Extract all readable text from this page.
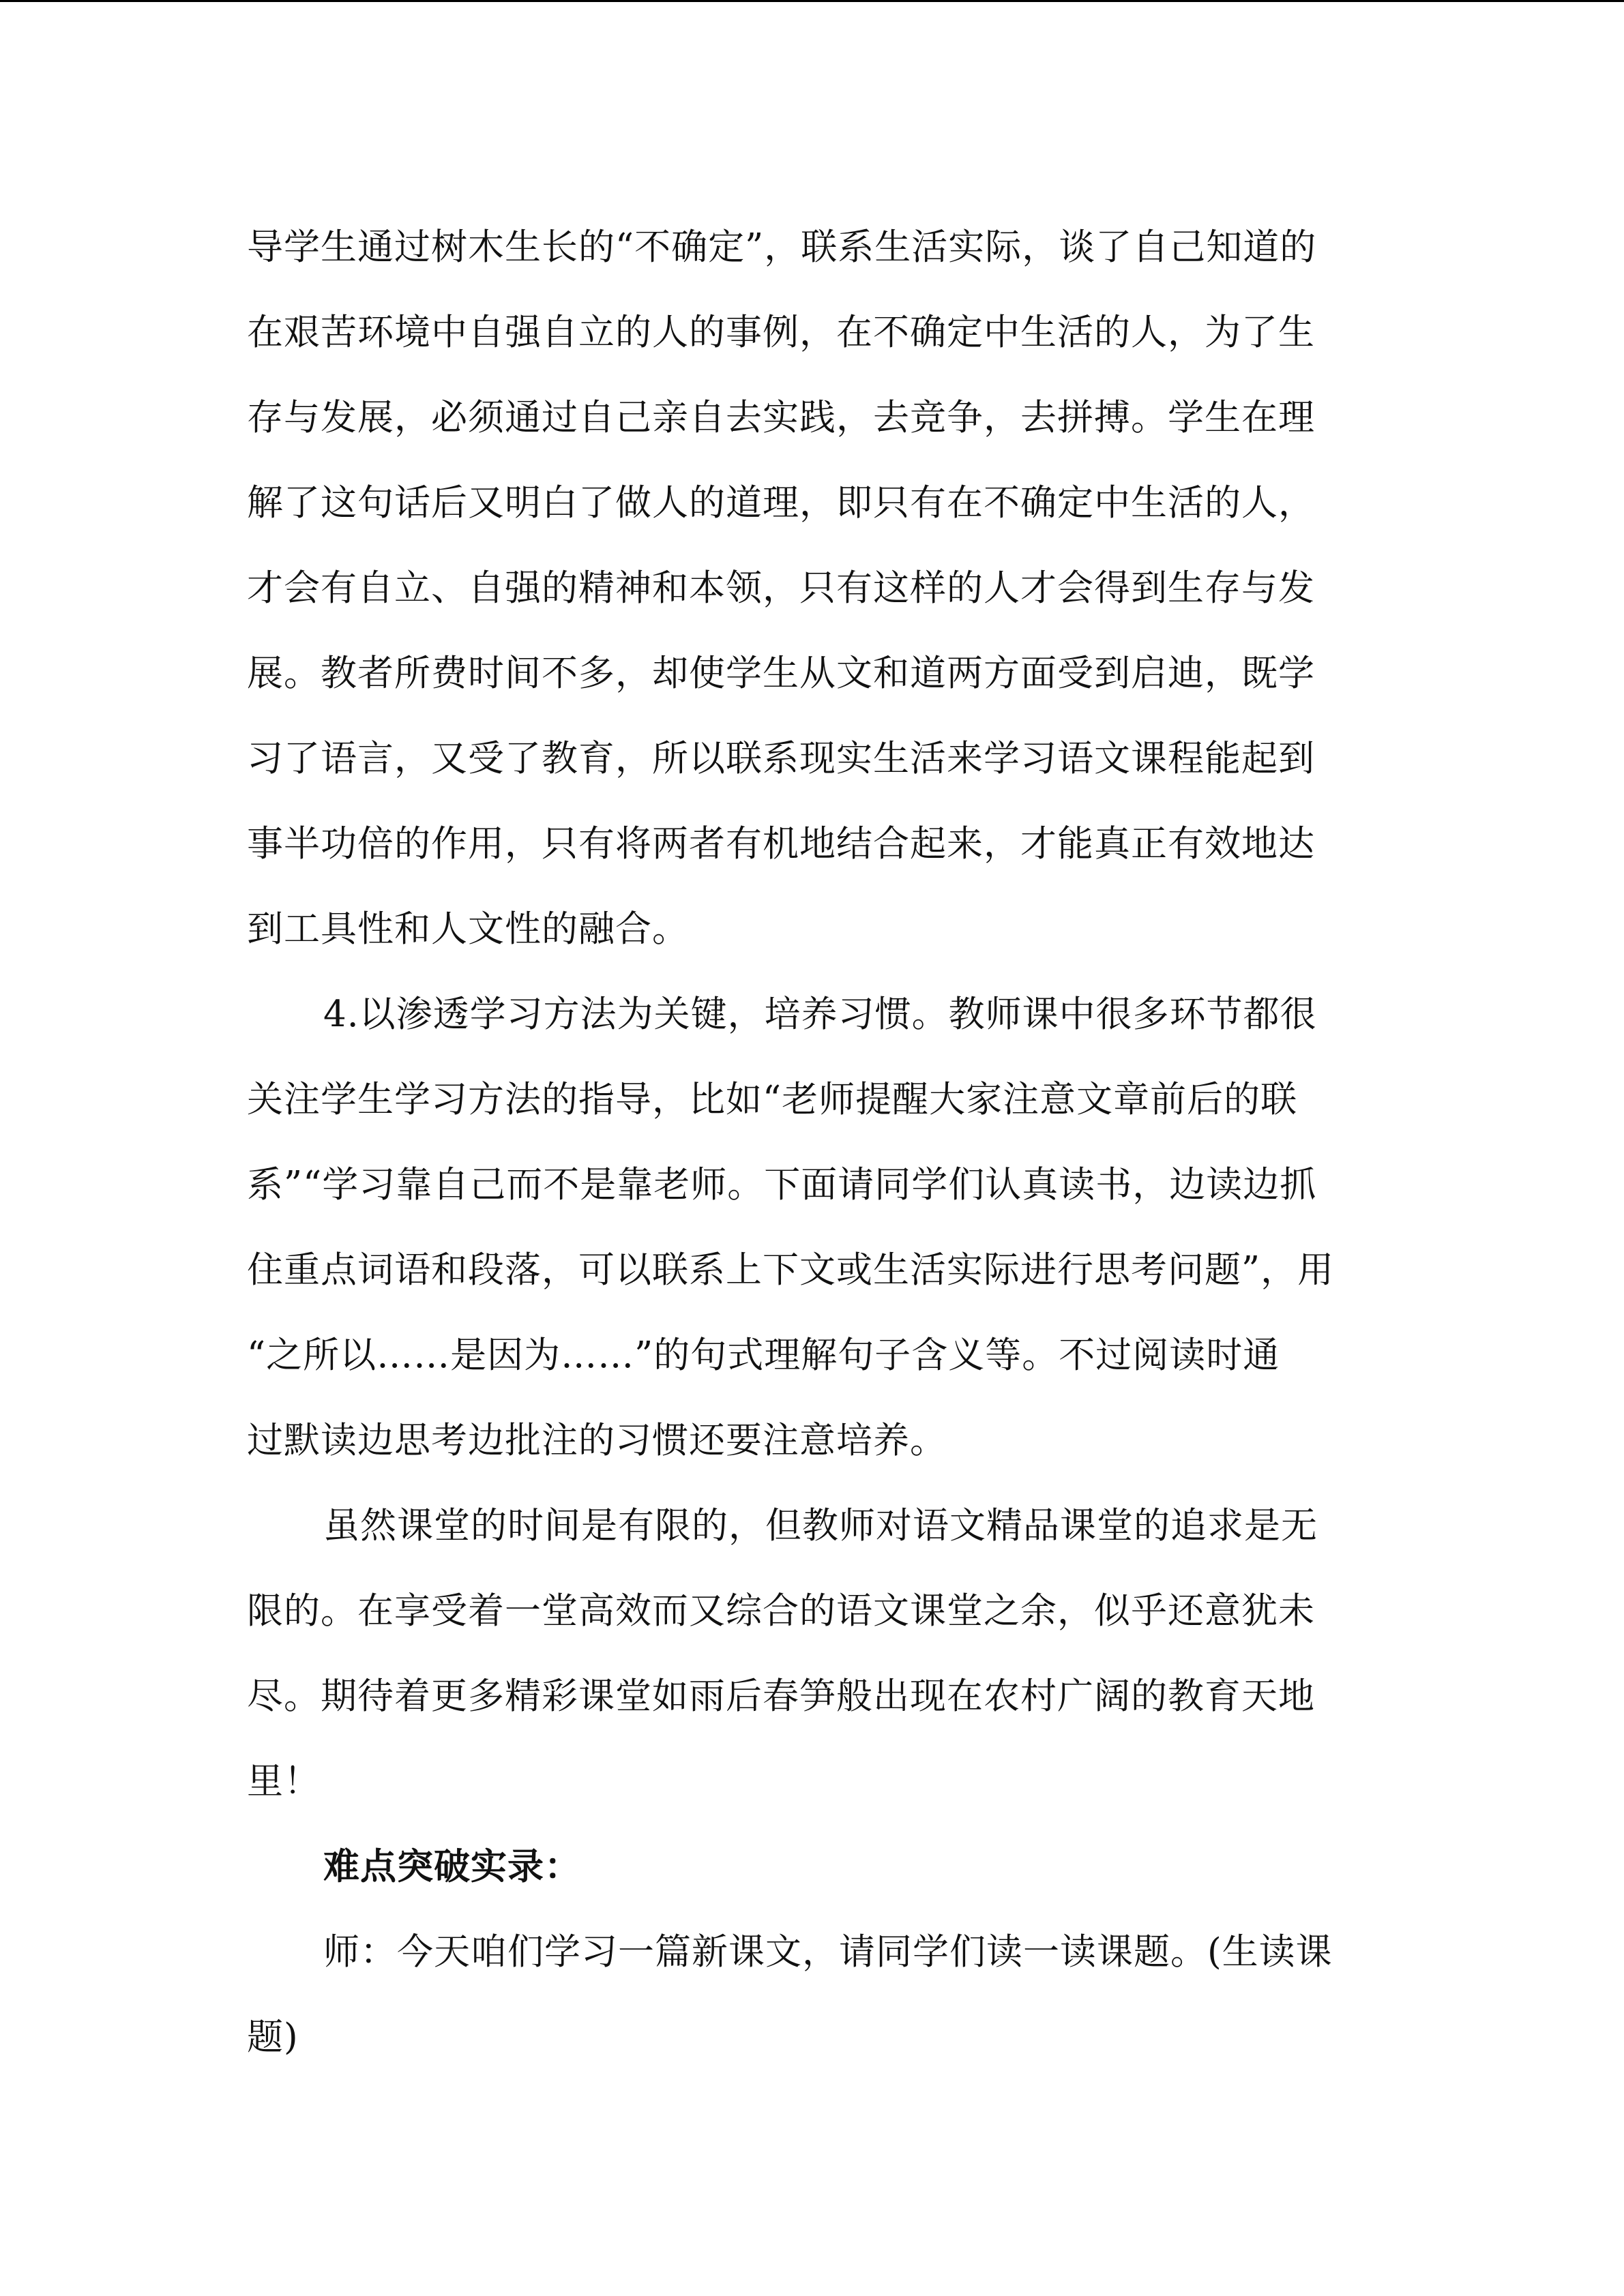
导学生通过树木生长的“不确定”，联系生活实际，谈了自己知道的
在艰苦环境中自强自立的人的事例，在不确定中生活的人，为了生
存与发展，必须通过自己亲自去实践，去竞争，去拼搏。学生在理
解了这句话后又明白了做人的道理，即只有在不确定中生活的人，
才会有自立、自强的精神和本领，只有这样的人才会得到生存与发
展。教者所费时间不多，却使学生从文和道两方面受到启迪，既学
习了语言，又受了教育，所以联系现实生活来学习语文课程能起到
事半功倍的作用，只有将两者有机地结合起来，才能真正有效地达
到工具性和人文性的融合。
4.以渗透学习方法为关键，培养习惯。教师课中很多环节都很
关注学生学习方法的指导，比如“老师提醒大家注意文章前后的联
系”“学习靠自己而不是靠老师。下面请同学们认真读书，边读边抓
住重点词语和段落，可以联系上下文或生活实际进行思考问题”，用
“之所以……是因为……”的句式理解句子含义等。不过阅读时通
过默读边思考边批注的习惯还要注意培养。
虽然课堂的时间是有限的，但教师对语文精品课堂的追求是无
限的。在享受着一堂高效而又综合的语文课堂之余，似乎还意犹未
尽。期待着更多精彩课堂如雨后春笋般出现在农村广阔的教育天地
里！
难点突破实录：
师：今天咱们学习一篇新课文，请同学们读一读课题。(生读课
题)
